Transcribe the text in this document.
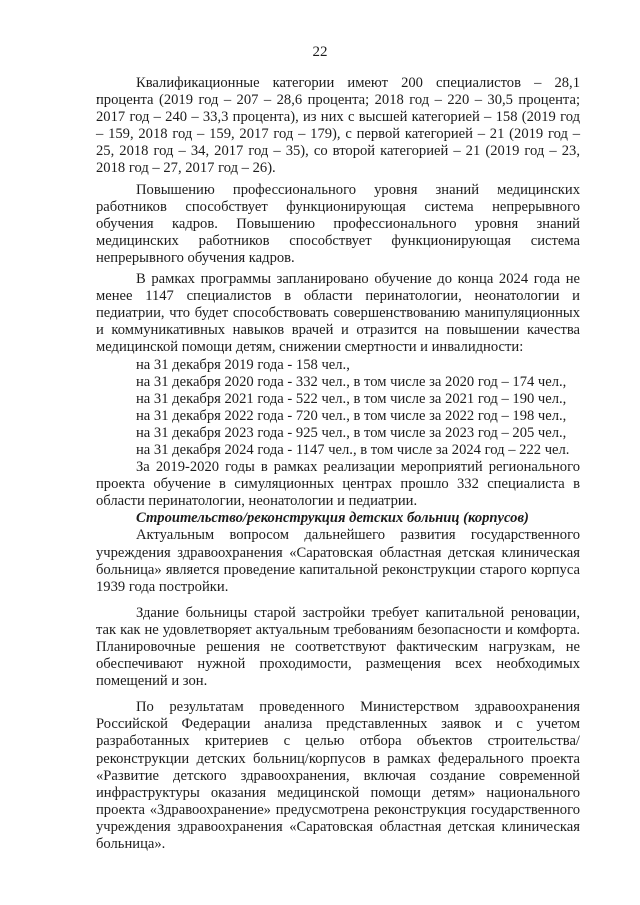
22

Квалификационные категории имеют 200 специалистов – 28,1 процента (2019 год – 207 – 28,6 процента; 2018 год – 220 – 30,5 процента; 2017 год – 240 – 33,3 процента), из них с высшей категорией – 158 (2019 год – 159, 2018 год – 159, 2017 год – 179), с первой категорией – 21 (2019 год – 25, 2018 год – 34, 2017 год – 35), со второй категорией – 21 (2019 год – 23, 2018 год – 27, 2017 год – 26).

Повышению профессионального уровня знаний медицинских работников способствует функционирующая система непрерывного обучения кадров. Повышению профессионального уровня знаний медицинских работников способствует функционирующая система непрерывного обучения кадров.

В рамках программы запланировано обучение до конца 2024 года не менее 1147 специалистов в области перинатологии, неонатологии и педиатрии, что будет способствовать совершенствованию манипуляционных и коммуникативных навыков врачей и отразится на повышении качества медицинской помощи детям, снижении смертности и инвалидности:

на 31 декабря 2019 года - 158 чел.,
на 31 декабря 2020 года - 332 чел., в том числе за 2020 год – 174 чел.,
на 31 декабря 2021 года - 522 чел., в том числе за 2021 год – 190 чел.,
на 31 декабря 2022 года - 720 чел., в том числе за 2022 год – 198 чел.,
на 31 декабря 2023 года - 925 чел., в том числе за 2023 год – 205 чел.,
на 31 декабря 2024 года - 1147 чел., в том числе за 2024 год – 222 чел.

За 2019-2020 годы в рамках реализации мероприятий регионального проекта обучение в симуляционных центрах прошло 332 специалиста в области перинатологии, неонатологии и педиатрии.

Строительство/реконструкция детских больниц (корпусов)

Актуальным вопросом дальнейшего развития государственного учреждения здравоохранения «Саратовская областная детская клиническая больница» является проведение капитальной реконструкции старого корпуса 1939 года постройки.

Здание больницы старой застройки требует капитальной реновации, так как не удовлетворяет актуальным требованиям безопасности и комфорта. Планировочные решения не соответствуют фактическим нагрузкам, не обеспечивают нужной проходимости, размещения всех необходимых помещений и зон.

По результатам проведенного Министерством здравоохранения Российской Федерации анализа представленных заявок и с учетом разработанных критериев с целью отбора объектов строительства/реконструкции детских больниц/корпусов в рамках федерального проекта «Развитие детского здравоохранения, включая создание современной инфраструктуры оказания медицинской помощи детям» национального проекта «Здравоохранение» предусмотрена реконструкция государственного учреждения здравоохранения «Саратовская областная детская клиническая больница».
